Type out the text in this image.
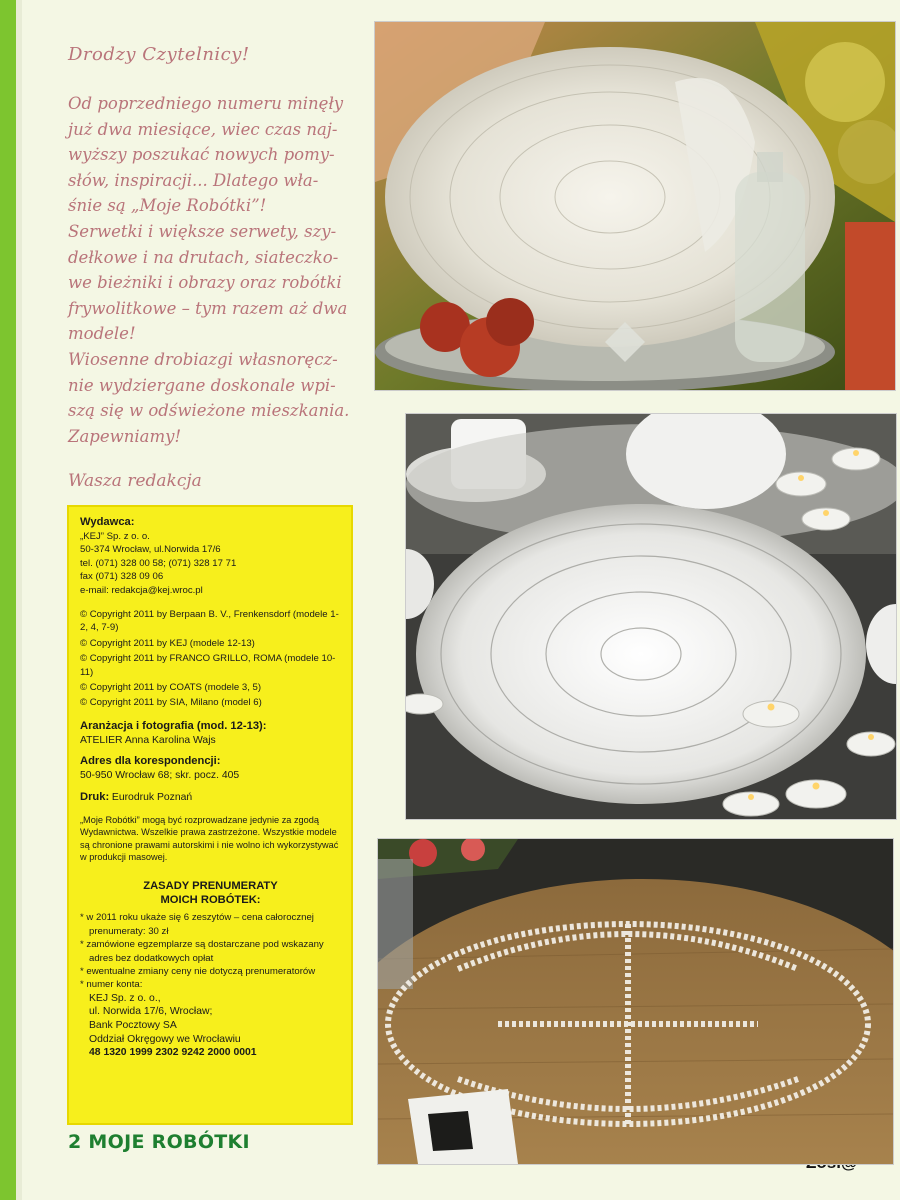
Drodzy Czytelnicy!

Od poprzedniego numeru minęły

już dwa miesiące, wiec czas naj-

wyższy poszukać nowych pomy-

słów, inspiracji... Dlatego wła-

śnie są „Moje Robótki”!

Serwetki i większe serwety, szy-

dełkowe i na drutach, siateczko-

we bieżniki i obrazy oraz robótki

frywolitkowe – tym razem aż dwa

modele!

Wiosenne drobiazgi własnoręcz-

nie wydziergane doskonale wpi-

szą się w odświeżone mieszkania.

Zapewniamy!

Wasza redakcja

Wydawca:
„KEJ” Sp. z o. o.
50-374 Wrocław, ul.Norwida 17/6
tel. (071) 328 00 58; (071) 328 17 71
fax (071) 328 09 06
e-mail: redakcja@kej.wroc.pl
© Copyright 2011 by Berpaan B. V., Frenkensdorf (modele 1-2, 4, 7-9)
© Copyright 2011 by KEJ (modele 12-13)
© Copyright 2011 by FRANCO GRILLO, ROMA (modele 10-11)
© Copyright 2011 by COATS (modele 3, 5)
© Copyright 2011 by SIA, Milano (model 6)
Aranżacja i fotografia (mod. 12-13):
ATELIER Anna Karolina Wajs
Adres dla korespondencji:
50-950 Wrocław 68; skr. pocz. 405
Druk: Eurodruk Poznań
„Moje Robótki” mogą być rozprowadzane jedynie za zgodą Wydawnictwa. Wszelkie prawa zastrzeżone. Wszystkie modele są chronione prawami autorskimi i nie wolno ich wykorzystywać w produkcji masowej.
ZASADY PRENUMERATY
MOICH ROBÓTEK:
* w 2011 roku ukaże się 6 zeszytów – cena całorocznej prenumeraty: 30 zł
* zamówione egzemplarze są dostarczane pod wskazany adres bez dodatkowych opłat
* ewentualne zmiany ceny nie dotyczą prenumeratorów
* numer konta:
KEJ Sp. z o. o.,
ul. Norwida 17/6, Wrocław;
Bank Pocztowy SA
Oddział Okręgowy we Wrocławiu
48 1320 1999 2302 9242 2000 0001
2 MOJE ROBÓTKI
